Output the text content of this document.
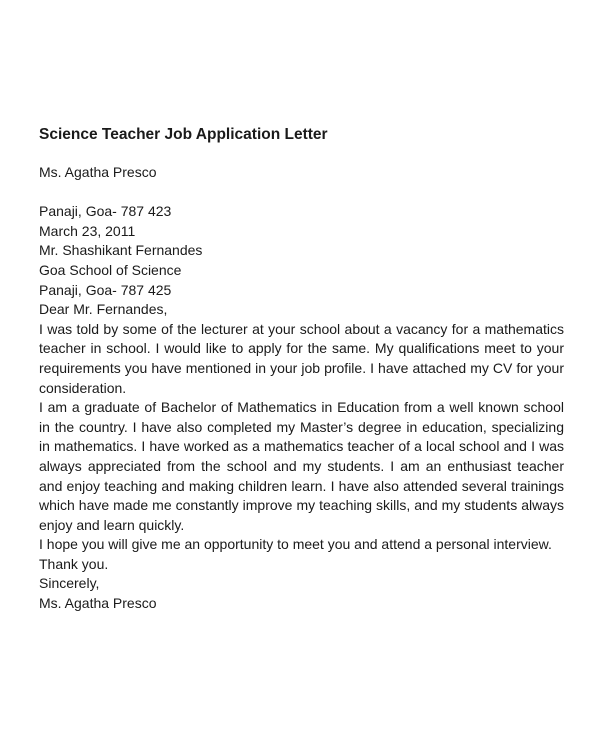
Science Teacher Job Application Letter
Ms. Agatha Presco
Panaji, Goa- 787 423
March 23, 2011
Mr. Shashikant Fernandes
Goa School of Science
Panaji, Goa- 787 425
Dear Mr. Fernandes,
I was told by some of the lecturer at your school about a vacancy for a mathematics teacher in school. I would like to apply for the same. My qualifications meet to your requirements you have mentioned in your job profile. I have attached my CV for your consideration.
I am a graduate of Bachelor of Mathematics in Education from a well known school in the country. I have also completed my Master’s degree in education, specializing in mathematics. I have worked as a mathematics teacher of a local school and I was always appreciated from the school and my students. I am an enthusiast teacher and enjoy teaching and making children learn. I have also attended several trainings which have made me constantly improve my teaching skills, and my students always enjoy and learn quickly.
I hope you will give me an opportunity to meet you and attend a personal interview.
Thank you.
Sincerely,
Ms. Agatha Presco
